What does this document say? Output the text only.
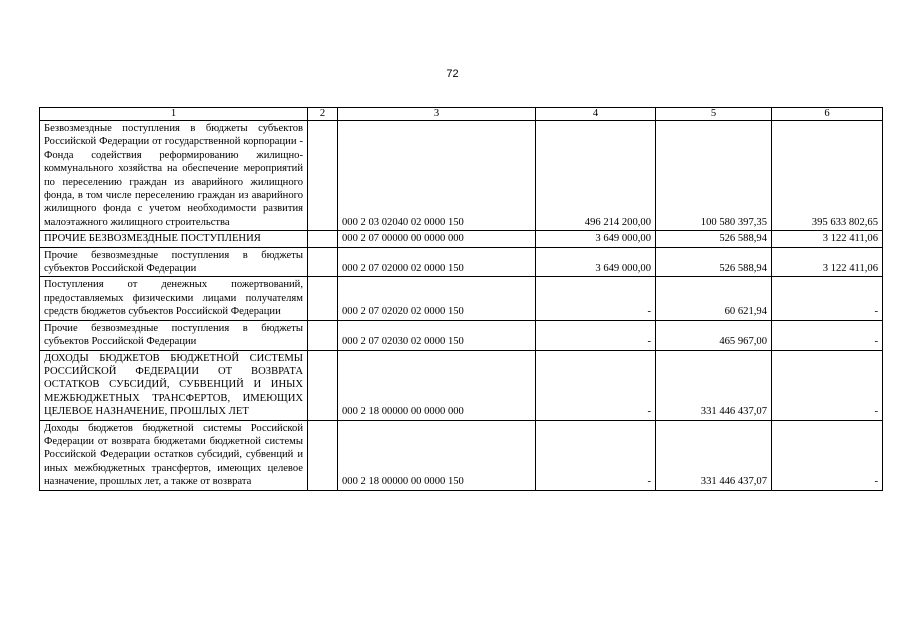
72
1	2	3	4	5	6
Безвозмездные поступления в бюджеты субъектов Российской Федерации от государственной корпорации - Фонда содействия реформированию жилищно-коммунального хозяйства на обеспечение мероприятий по переселению граждан из аварийного жилищного фонда, в том числе переселению граждан из аварийного жилищного фонда с учетом необходимости развития малоэтажного жилищного строительства		000 2 03 02040 02 0000 150	496 214 200,00	100 580 397,35	395 633 802,65
ПРОЧИЕ БЕЗВОЗМЕЗДНЫЕ ПОСТУПЛЕНИЯ		000 2 07 00000 00 0000 000	3 649 000,00	526 588,94	3 122 411,06
Прочие безвозмездные поступления в бюджеты субъектов Российской Федерации		000 2 07 02000 02 0000 150	3 649 000,00	526 588,94	3 122 411,06
Поступления от денежных пожертвований, предоставляемых физическими лицами получателям средств бюджетов субъектов Российской Федерации		000 2 07 02020 02 0000 150	-	60 621,94	-
Прочие безвозмездные поступления в бюджеты субъектов Российской Федерации		000 2 07 02030 02 0000 150	-	465 967,00	-
ДОХОДЫ БЮДЖЕТОВ БЮДЖЕТНОЙ СИСТЕМЫ РОССИЙСКОЙ ФЕДЕРАЦИИ ОТ ВОЗВРАТА ОСТАТКОВ СУБСИДИЙ, СУБВЕНЦИЙ И ИНЫХ МЕЖБЮДЖЕТНЫХ ТРАНСФЕРТОВ, ИМЕЮЩИХ ЦЕЛЕВОЕ НАЗНАЧЕНИЕ, ПРОШЛЫХ ЛЕТ		000 2 18 00000 00 0000 000	-	331 446 437,07	-
Доходы бюджетов бюджетной системы Российской Федерации от возврата бюджетами бюджетной системы Российской Федерации остатков субсидий, субвенций и иных межбюджетных трансфертов, имеющих целевое назначение, прошлых лет, а также от возврата		000 2 18 00000 00 0000 150	-	331 446 437,07	-
